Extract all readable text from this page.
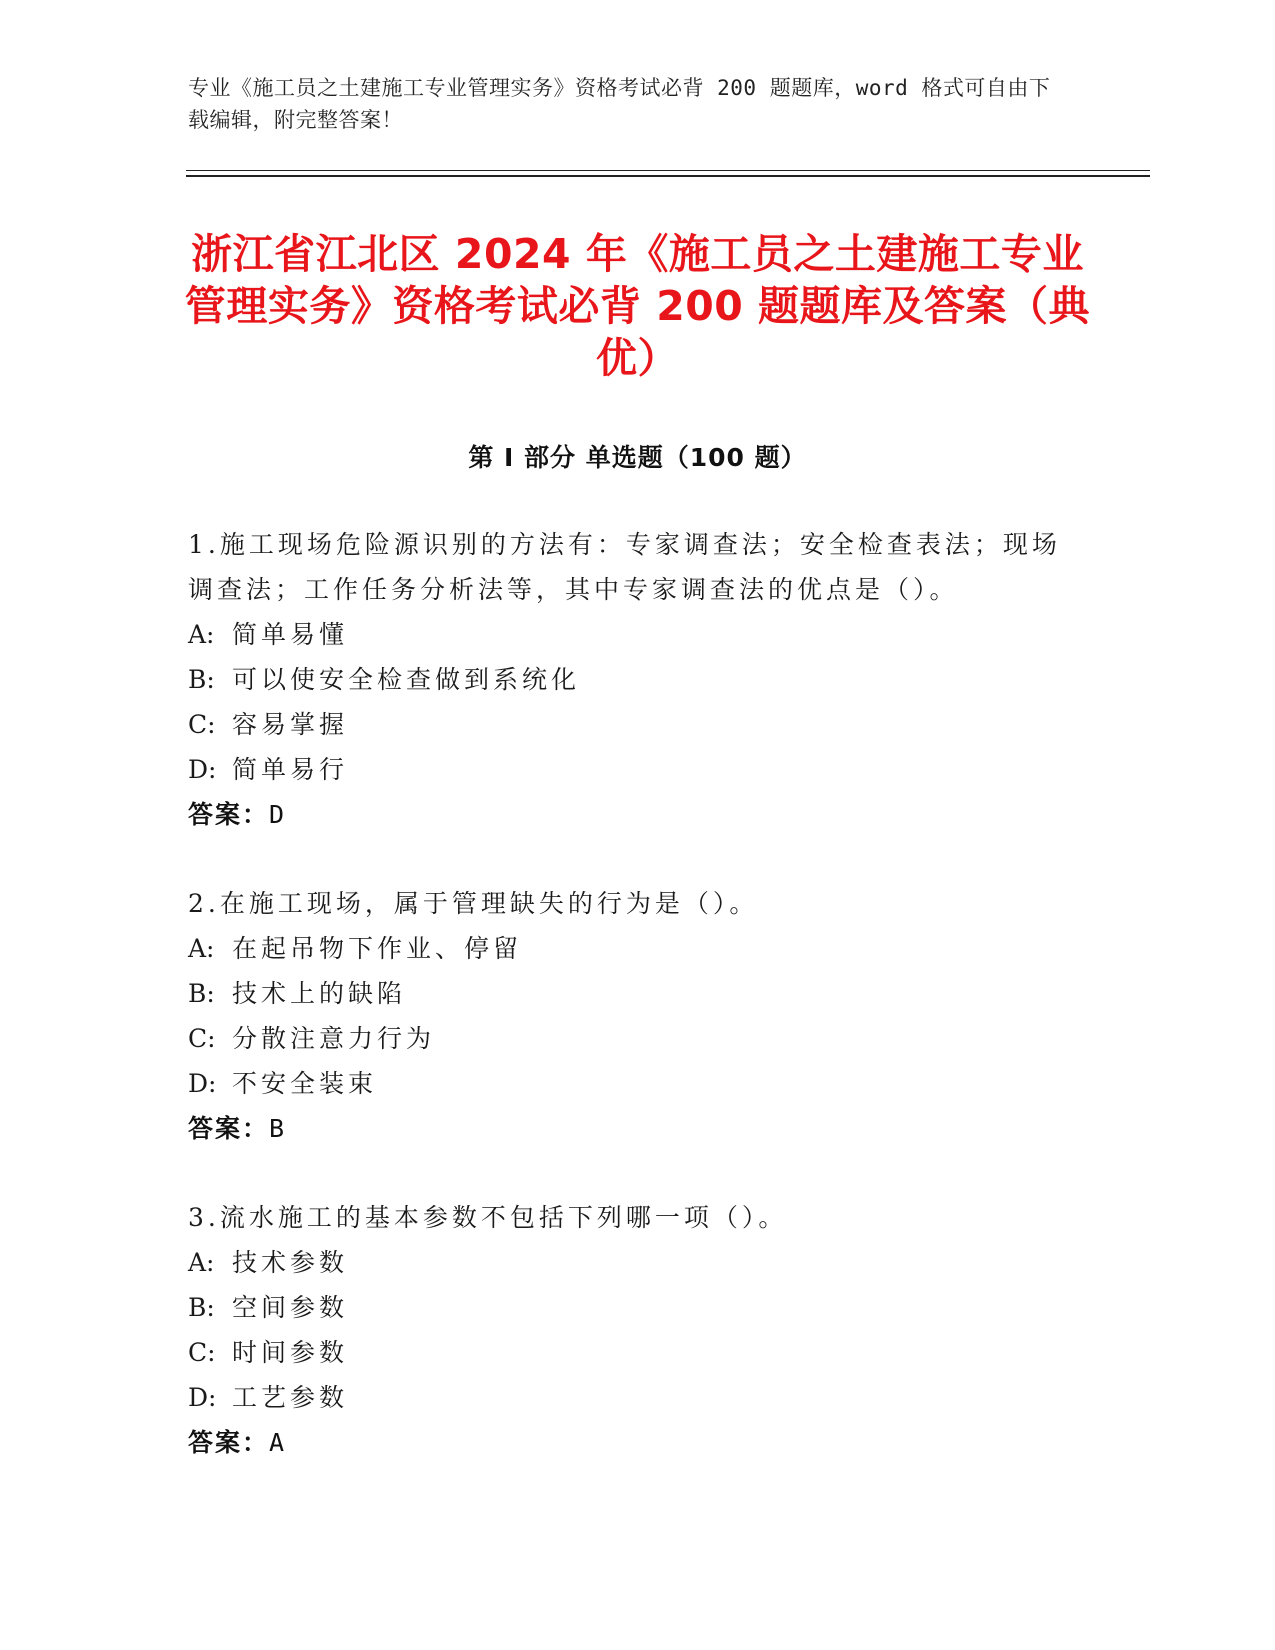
专业《施工员之土建施工专业管理实务》资格考试必背 200 题题库，word 格式可自由下载编辑，附完整答案！
浙江省江北区 2024 年《施工员之土建施工专业管理实务》资格考试必背 200 题题库及答案（典优）
第 I 部分 单选题（100 题）
1.施工现场危险源识别的方法有：专家调查法；安全检查表法；现场调查法；工作任务分析法等，其中专家调查法的优点是（）。
A: 简单易懂
B: 可以使安全检查做到系统化
C: 容易掌握
D: 简单易行
答案：D
2.在施工现场，属于管理缺失的行为是（）。
A: 在起吊物下作业、停留
B: 技术上的缺陷
C: 分散注意力行为
D: 不安全装束
答案：B
3.流水施工的基本参数不包括下列哪一项（）。
A: 技术参数
B: 空间参数
C: 时间参数
D: 工艺参数
答案：A
